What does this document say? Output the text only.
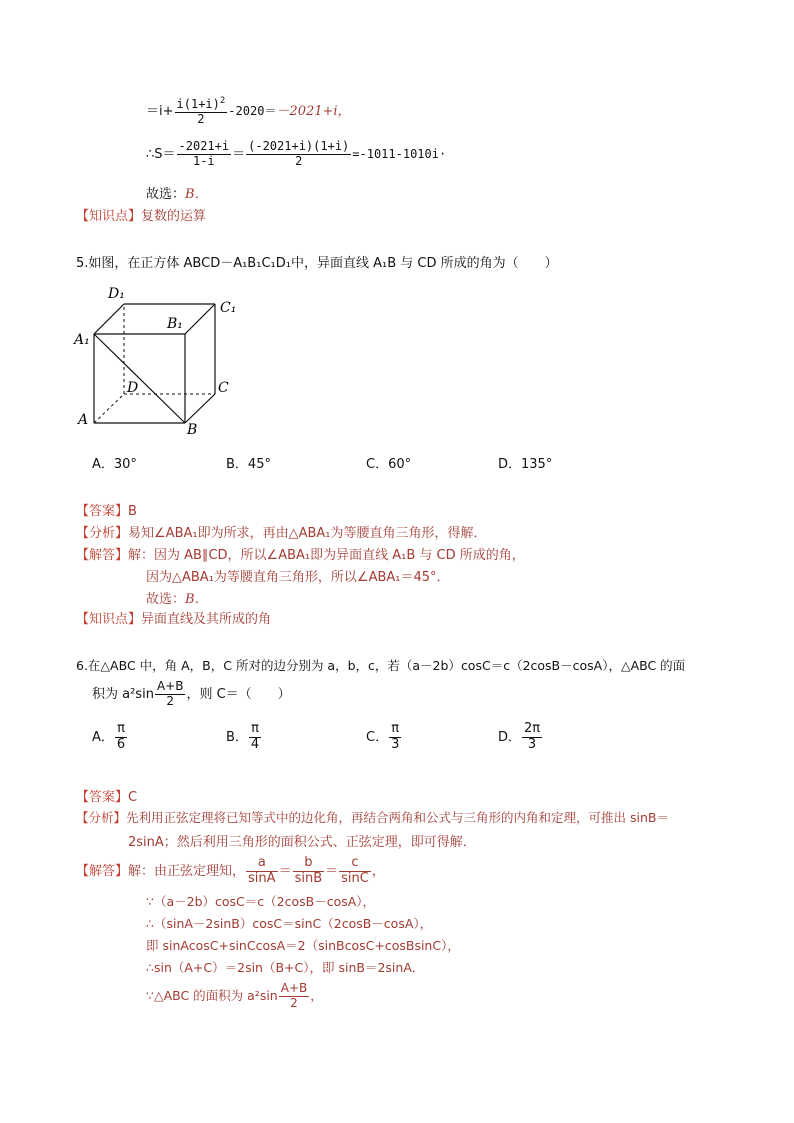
$=i+ \frac{i(1+i)^2}{2} -2020=-2021+i$，
∴S＝ $\frac{-2021+i}{1-i} = \frac{(-2021+i)(1+i)}{2} =-1011-1010i\cdot$
故选：B．
【知识点】复数的运算
5.如图，在正方体 ABCD－A₁B₁C₁D₁中，异面直线 A₁B 与 CD 所成的角为（　　）
D₁
C₁
B₁
A₁
D	C
A
B
A．30°	B．45°	C．60°	D．135°
【答案】B
【分析】易知∠ABA₁即为所求，再由△ABA₁为等腰直角三角形，得解．
【解答】解：因为 AB∥CD，所以∠ABA₁即为异面直线 A₁B 与 CD 所成的角，
因为△ABA₁为等腰直角三角形，所以∠ABA₁＝45°．
故选：B．
【知识点】异面直线及其所成的角
6.在△ABC 中，角 A，B，C 所对的边分别为 a，b，c，若（a－2b）cosC＝c（2cosB－cosA），△ABC 的面
积为 $a^2\sin \frac{A+B}{2}$ ，则 C＝（　　）
A． $\frac{\pi}{6}$	B． $\frac{\pi}{4}$	C． $\frac{\pi}{3}$	D． $\frac{2\pi}{3}$
【答案】C
【分析】先利用正弦定理将已知等式中的边化角，再结合两角和公式与三角形的内角和定理，可推出 sinB＝
2sinA；然后利用三角形的面积公式、正弦定理，即可得解．
【解答】解：由正弦定理知， $\frac{a}{\sin A} = \frac{b}{\sin B} = \frac{c}{\sin C}$ ，
∵（a－2b）cosC＝c（2cosB－cosA），
∴（sinA－2sinB）cosC＝sinC（2cosB－cosA），
即 sinAcosC+sinCcosA＝2（sinBcosC+cosBsinC），
∴sin（A+C）＝2sin（B+C），即 sinB＝2sinA．
∵△ABC 的面积为 $a^2\sin \frac{A+B}{2}$ ，
